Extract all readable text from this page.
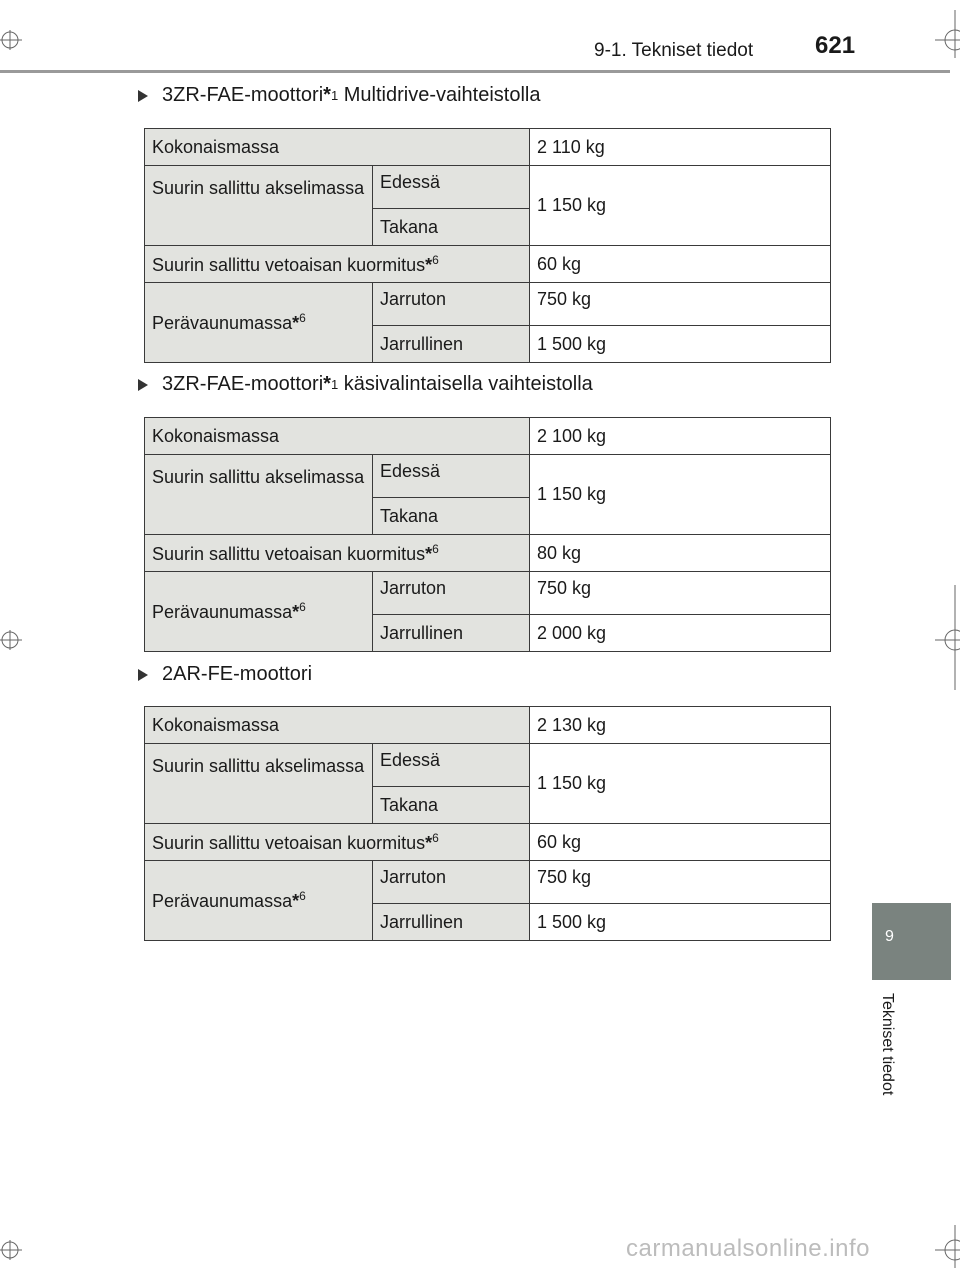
9-1. Tekniset tiedot	621
3ZR-FAE-moottori * 1 Multidrive-vaihteistolla
Kokonaismassa		2 110 kg
Suurin sallittu akselimassa	Edessä	1 150 kg
	Takana	
Suurin sallittu vetoaisan kuormitus*$^6$		60 kg
Perävaunumassa*$^6$	Jarruton	750 kg
	Jarrullinen	1 500 kg
3ZR-FAE-moottori * 1 käsivalintaisella vaihteistolla
Kokonaismassa		2 100 kg
Suurin sallittu akselimassa	Edessä	1 150 kg
	Takana	
Suurin sallittu vetoaisan kuormitus*$^6$		80 kg
Perävaunumassa*$^6$	Jarruton	750 kg
	Jarrullinen	2 000 kg
2AR-FE-moottori
Kokonaismassa		2 130 kg
Suurin sallittu akselimassa	Edessä	1 150 kg
	Takana	
Suurin sallittu vetoaisan kuormitus*$^6$		60 kg
Perävaunumassa*$^6$	Jarruton	750 kg
	Jarrullinen	1 500 kg
9
Tekniset tiedot
carmanualsonline.info
